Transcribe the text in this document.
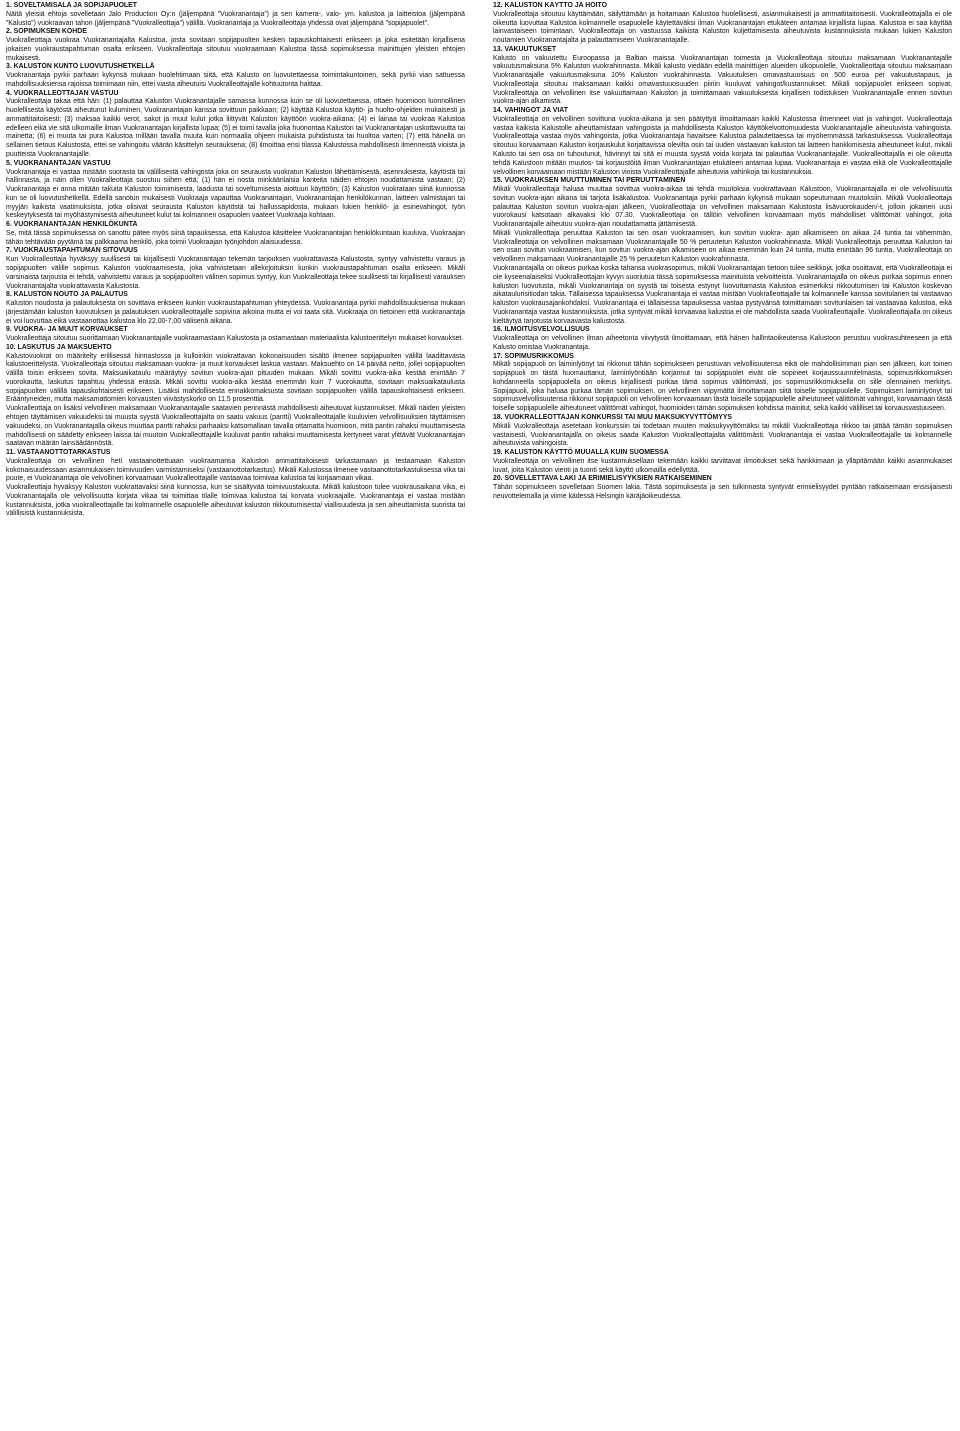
1. SOVELTAMISALA JA SOPIJAPUOLET

Näitä yleisiä ehtoja sovelletaan Jalo Production Oy:n (jäljempänä ”Vuokranantaja”) ja sen kamera-, valo- ym. kalustoa ja laitteistoa (jäljempänä ”Kalusto”) vuokraavan tahon (jäljempänä ”Vuokralleottaja”) välillä. Vuokranantaja ja Vuokralleottaja yhdessä ovat jäljempänä ”sopijapuolet”.

2. SOPIMUKSEN KOHDE

Vuokralleottaja vuokraa Vuokranantajalta Kalustoa, josta sovitaan sopijapuolten kesken tapauskohtaisesti erikseen ja joka esitetään kirjallisena jokaisen vuokraustapahtuman osalta erikseen. Vuokralleottaja sitoutuu vuokraamaan Kalustoa tässä sopimuksessa mainittujen yleisten ehtojen mukaisesti.

3. KALUSTON KUNTO LUOVUTUSHETKELLÄ

Vuokranantaja pyrkii parhaan kykynsä mukaan huolehtimaan siitä, että Kalusto on luovutettaessa toimintakuntoinen, sekä pyrkii vian sattuessa mahdollisuuksiensa rajoissa toimimaan niin, ettei viasta aiheutuisi Vuokralleottajalle kohtuutonta haittaa.

4. VUOKRALLEOTTAJAN VASTUU

Vuokralleottaja takaa että hän: (1) palauttaa Kaluston Vuokranantajalle samassa kunnossa kuin se oli luovutettaessa, ottaen huomioon luonnollinen huolellisesta käytöstä aiheutunut kuluminen, Vuokranantajan kanssa sovittuun paikkaan; (2) käyttää Kalustoa käyttö- ja huolto-ohjeiden mukaisesti ja ammattitaitoisesti; (3) maksaa kaikki verot, sakot ja muut kulut jotka liittyvät Kaluston käyttöön vuokra-aikana; (4) ei lainaa tai vuokraa Kalustoa edelleen eikä vie sitä ulkomaille ilman Vuokranantajan kirjallista lupaa; (5) ei toimi tavalla joka huonontaa Kaluston tai Vuokranantajan uskottavuutta tai mainetta; (6) ei muuta tai pura Kalustoa millään tavalla muuta kuin normaalia ohjeen mukaista puhdistusta tai huoltoa varten; (7) että hänellä on sellainen tietous Kalustosta, ettei se vahingoitu väärän käsittelyn seurauksena; (8) ilmoittaa ensi tilassa Kalustossa mahdollisesti ilmenneistä vioista ja puutteista Vuokranantajalle.

5. VUOKRANANTAJAN VASTUU

Vuokranantaja ei vastaa mistään suorasta tai välillisestä vahingosta joka on seurausta vuokratun Kaluston lähettämisestä, asennuksesta, käytöstä tai hallinnasta, ja näin ollen Vuokralleottaja suostuu siihen että; (1) hän ei nosta minkäänlaisia kanteita näiden ehtojen noudattamista vastaan; (2) Vuokranantaja ei anna mitään takuita Kaluston toimimisesta, laadusta tai soveltumisesta aiottuun käyttöön; (3) Kaluston vuokrataan siinä kunnossa kun se oli luovutushetkellä. Edellä sanotun mukaisesti Vuokraaja vapauttaa Vuokranantajan, Vuokranantajan henkilökunnan, laitteen valmistajan tai myyjän kaikista vaatimuksista, jotka olisivat seurausta Kaluston käytöstä tai hallussapidosta, mukaan lukien henkilö- ja esinevahingot, työn keskeytyksestä tai myöhästymisestä aiheutuneet kulut tai kolmannen osapuolen vaateet Vuokraaja kohtaan.

6. VUOKRANANTAJAN HENKILÖKUNTA

Se, mitä tässä sopimuksessa on sanottu pätee myös siinä tapauksessa, että Kalustoa käsittelee Vuokranantajan henkilökuntaan kuuluva, Vuokraajan tähän tehtävään pyytämä tai palkkaama henkilö, joka toimii Vuokraajan työnjohdon alaisuudessa.

7. VUOKRAUSTAPAHTUMAN SITOVUUS

Kun Vuokralleottaja hyväksyy suullisesti tai kirjallisesti Vuokranantajan tekemän tarjouksen vuokrattavasta Kalustosta, syntyy vahvistettu varaus ja sopijapuolten välille sopimus Kaluston vuokraamisesta, joka vahvistetaan allekirjoituksin kunkin vuokraustapahtuman osalta erikseen. Mikäli varsinaista tarjousta ei tehdä, vahvistettu varaus ja sopijapuolten välinen sopimus syntyy, kun Vuokralleottaja tekee suullisesti tai kirjallisesti varauksen Vuokranantajalta vuokrattavasta Kalustosta.

8. KALUSTON NOUTO JA PALAUTUS

Kaluston noudosta ja palautuksesta on sovittava erikseen kunkin vuokraustapahtuman yhteydessä. Vuokranantaja pyrkii mahdollisuuksiensa mukaan järjestämään kaluston luovutuksen ja palautuksen vuokralleottajalle sopivina aikoina mutta ei voi taata sitä. Vuokraaja on tietoinen että vuokranantaja ei voi luovuttaa eikä vastaanottaa kalustoa klo 22.00-7.00 välisenä aikana.

9. VUOKRA- JA MUUT KORVAUKSET

Vuokralleottaja sitoutuu suorittamaan Vuokranantajalle vuokraamastaan Kalustosta ja ostamastaan materiaalista kalustoerittelyn mukaiset korvaukset.

10. LASKUTUS JA MAKSUEHTO

Kalustovuokrat on määritelty erillisessä hinnastossa ja kulloinkin vuokrattavan kokonaisuuden sisältö ilmenee sopijapuolten välillä laadittavasta kalustoerittelystä. Vuokralleottaja sitoutuu maksamaan vuokra- ja muut korvaukset laskua vastaan. Maksuehto on 14 päivää netto, jollei sopijapuolten välillä toisin erikseen sovita. Maksuaikataulu määräytyy sovitun vuokra-ajan pituuden mukaan. Mikäli sovittu vuokra-aika kestää enintään 7 vuorokautta, laskutus tapahtuu yhdessä erässä. Mikäli sovittu vuokra-aika kestää enemmän kuin 7 vuorokautta, sovitaan maksuaikataulusta sopijapuolten välillä tapauskohtaisesti erikseen. Lisäksi mahdollisesta ennakkomaksusta sovitaan sopijapuolten välillä tapauskohtaisesti erikseen. Erääntyneiden, mutta maksamattomien korvausten viivästyskorko on 11,5 prosenttia.

Vuokralleottaja on lisäksi velvollinen maksamaan Vuokranantajalle saatavien perinnästä mahdollisesti aiheutuvat kustannukset. Mikäli näiden yleisten ehtojen täyttämisen vakuudeksi tai muusta syystä Vuokralleottajalta on saatu vakuus (pantti) Vuokralleottajalle kuuluvien velvollisuuksien täyttämisen vakuudeksi, on Vuokranantajalla oikeus muuttaa pantti rahaksi parhaaksi katsomallaan tavalla ottamatta huomioon, mitä pantin rahaksi muuttamisesta mahdollisesti on säädetty erikseen laissa tai muutoin Vuokralleottajalle kuuluvat pantin rahaksi muuttamisesta kertyneet varat ylittävät Vuokranantajan saatavan määrän lainsäädännöstä.

11. VASTAANOTTOTARKASTUS

Vuokralleottaja on velvollinen heti vastaanottettuaan vuokraamansa Kaluston ammattitaitoisesti tarkastamaan ja testaamaan Kaluston kokonaisuudessaan asianmukaisen toimivuuden varmistamiseksi (vastaanottotarkastus). Mikäli Kalustossa ilmenee vastaanottotarkastuksessa vika tai puute, ei Vuokranantaja ole velvollinen korvaamaan Vuokralleottajalle vastaavaa toimivaa kalustoa tai korjaamaan vikaa.

Vuokralleottaja hyväksyy Kaluston vuokrattavaksi siinä kunnossa, kun se sisältyvää toimivuustakuuta. Mikäli kalustoon tulee vuokrausaikana vika, ei Vuokranantajalla ole velvollisuutta korjata vikaa tai toimittaa tilalle toimivaa kalustoa tai korvata vuokraajalle. Vuokranantaja ei vastaa mistään kustannuksista, jotka vuokralleottajalle tai kolmannelle osapuolelle aiheutuvat kaluston rikkoutumisesta/ viallisuudesta ja sen aiheuttamista suorista tai välillisistä kustannuksista.

12. KALUSTON KÄYTTÖ JA HOITO

Vuokralleottaja sitoutuu käyttämään, säilyttämään ja hoitamaan Kalustoa huolellisesti, asianmukaisesti ja ammattitaitoisesti. Vuokralleottajalla ei ole oikeutta luovuttaa Kalustoa kolmannelle osapuolelle käytettäväksi ilman Vuokranantajan etukäteen antamaa kirjallista lupaa. Kalustoa ei saa käyttää lainvastaiseen toimintaan. Vuokralleottaja on vastuussa kaikista Kaluston kuljettamisesta aiheutuvista kustannuksista mukaan lukien Kaluston noutamien Vuokranantajalta ja palauttamiseen Vuokranantajalle.

13. VAKUUTUKSET

Kalusto on vakuutettu Euroopassa ja Baltian maissa Vuokranantajan toimesta ja Vuokralleottaja sitoutuu maksamaan Vuokranantajalle vakuutusmaksuna 5% Kaluston vuokrahinnasta. Mikäli kalusto viedään edellä mainittujen alueiden ulkopuolelle, Vuokralleottaja sitoutuu maksamaan Vuokranantajalle vakuutusmaksuna 10% Kaluston vuokrahinnasta. Vakuutuksen omavastuuosuus on 500 euroa per vakuutustapaus, ja Vuokralleottaja sitoutuu maksamaan kaikki omavastuuosuuden piiriin kuuluvat vahingot/kustannukset. Mikäli sopijapuolet erikseen sopivat, Vuokralleottaja on velvollinen itse vakuuttamaan Kaluston ja toimittamaan vakuutuksesta kirjallisen todistuksen Vuokranantajalle ennen sovitun vuokra-ajan alkamista.

14. VAHINGOT JA VIAT

Vuokralleottaja on velvollinen sovittuna vuokra-aikana ja sen päätyttyä ilmoittamaan kaikki Kalustossa ilmenneet viat ja vahingot. Vuokralleottaja vastaa kaikista Kalustolle aiheuttamistaan vahingoista ja mahdollisesta Kaluston käyttökelvottomuudesta Vuokranantajalle aiheutuvista vahingoista. Vuokralleottaja vastaa myös vahingoista, jotka Vuokranantaja havaitsee Kalustoa palautettaessa tai myöhemmässä tarkastuksessa. Vuokralleottaja sitoutuu korvaamaan Kaluston korjauskulut korjattavissa olevilta osin tai uuden vastaavan kaluston tai laitteen hankkimisesta aiheutuneet kulut, mikäli Kalusto tai sen osa on tuhoutunut, hävinnyt tai sitä ei muusta syystä voida korjata tai palauttaa Vuokranantajalle. Vuokralleottajalla ei ole oikeutta tehdä Kalustoon mitään muutos- tai korjaustöitä ilman Vuokranantajan etukäteen antamaa lupaa. Vuokranantaja ei vastaa eikä ole Vuokralleottajalle velvollinen korvaamaan mistään Kaluston vioista Vuokralleottajalle aiheutuvia vahinkoja tai kustannuksia.

15. VUOKRAUKSEN MUUTTUMINEN TAI PERUUTTAMINEN

Mikäli Vuokralleottaja haluaa muuttaa sovittua vuokra-aikaa tai tehdä muutoksia vuokrattavaan Kalustoon, Vuokranantajalla ei ole velvollisuutta sovitun vuokra-ajan aikana tai tarjota lisäkalustoa. Vuokranantaja pyrkii parhaan kykynsä mukaan sopeutumaan muutoksiin. Mikäli Vuokralleottaja palauttaa Kaluston sovitun vuokra-ajan jälkeen, Vuokralleottaja on velvollinen maksamaan Kalustosta lisävuorokauden/-t, jolloin jokainen uusi vuorokausi katsotaan alkavaksi klo 07.30. Vuokralleottaja on tällöin velvollinen korvaamaan myös mahdolliset välittömät vahingot, joita Vuokranantajalle aiheutuu vuokra-ajan noudattamatta jättämisestä.

Mikäli Vuokralleottaja peruuttaa Kaluston tai sen osan vuokraamisen, kun sovitun vuokra- ajan alkamiseen on aikaa 24 tuntia tai vähemmän, Vuokralleottaja on velvollinen maksamaan Vuokranantajalle 50 % peruutetun Kaluston vuokrahinnasta. Mikäli Vuokralleottaja peruuttaa Kaluston tai sen osan sovitun vuokraamisen, kun sovitun vuokra-ajan alkamiseen on aikaa enemmän kuin 24 tuntia, mutta enintään 96 tuntia, Vuokralleottaja on velvollinen maksamaan Vuokranantajalle 25 % peruutetun Kaluston vuokrahinnasta.

Vuokranantajalla on oikeus purkaa koska tahansa vuokrasopimus, mikäli Vuokranantajan tietoon tulee seikkoja, jotka osoittavat, että Vuokralleottaja ei ole kyseenalaiseksi Vuokralleottajan kyvyn suoriutua tässä sopimuksessa mainituista velvoitteista. Vuokranantajalla on oikeus purkaa sopimus ennen kaluston luovutusta, mikäli Vuokranantaja on syystä tai toisesta estynyt luovuttamasta Kalustoa esimerkiksi rikkoutumisen tai Kaluston koskevan aikataulurisitiodan takia. Tällaisessa tapauksessa Vuokranantaja ei vastaa mistään Vuokralleottajalle tai kolmannelle kanssa sovitulanen tai vastaavan kaluston vuokrausajankohdaksi. Vuokranantaja ei tällaisessa tapauksessa vastaa pystyvänsä toimittamaan sovitunlaisen tai vastaavaa kalustoa, eikä Vuokranantaja vastaa kustannuksista, jotka syntyvät mikäli korvaavaa kalustoa ei ole mahdollista saada Vuokralleottajalle. Vuokralleottajalla on oikeus kieltäytyä tarjotusta korvaavasta kalustosta.

16. ILMOITUSVELVOLLISUUS

Vuokralleottaja on velvollinen ilman aiheetonta viivytystä ilmoittamaan, että hänen hallintaoikeutensa Kalustoon perustuu vuokrasuhteeseen ja että Kalusto omistaa Vuokranantaja.

17. SOPIMUSRIKKOMUS

Mikäli sopijapuoli on laiminlyönyt tai rikkonut tähän sopimukseen perustuvan velvollisuutensa eikä ole mahdollisimman pian sen jälkeen, kun toinen sopijapuoli on tästä huomauttanut, laiminlyöntiään korjannut tai sopijapuolet eivät ole sopineet korjaussuunnitelmasta, sopimusrikkomuksen kohdanneella sopijapuolella on oikeus kirjallisesti purkaa tämä sopimus välittömästi, jos sopimusrikkomuksella on sille olennainen merkitys. Sopijapuoli, joka haluaa purkaa tämän sopimuksen, on velvollinen viipymättä ilmoittamaan siitä toiselle sopijapuolelle. Sopimuksen laiminlyönyt tai sopimusvelvollisuutensa rikkonut sopijapuoli on velvollinen korvaamaan tästä toiselle sopijapuolelle aiheutuneet välittömät vahingot, korvaamaan tästä toiselle sopijapuolelle aiheutuneet välittömät vahingot, huomioiden tämän sopimuksen kohdissa mainitut, sekä kaikki välilliset tai korvausvastuuseen.

18. VUOKRALLEOTTAJAN KONKURSSI TAI MUU MAKSUKYVYTTÖMYYS

Mikäli Vuokralleottaja asetetaan konkurssiin tai todetaan muuten maksukyvyttömäksi tai mikäli Vuokralleottaja rikkoo tai jättää tämän sopimuksen vastaisesti, Vuokranantajalla on oikeus saada Kaluston Vuokralleottajalta välittömästi. Vuokranantaja ei vastaa Vuokralleottajalle tai kolmannelle aiheutuvista vahingoista.

19. KALUSTON KÄYTTÖ MUUALLA KUIN SUOMESSA

Vuokralleottaja on velvollinen itse kustannuksellaan tekemään kaikki tarvittavat ilmoitukset sekä hankkimaan ja ylläpitämään kaikki asianmukaiset luvat, joita Kaluston vienti ja tuonti sekä käyttö ulkomailla edellyttää.

20. SOVELLETTAVA LAKI JA ERIMIELISYYKSIEN RATKAISEMINEN

Tähän sopimukseen sovelletaan Suomen lakia. Tästä sopimuksesta ja sen tulkinnasta syntyvät erimielisyydet pyritään ratkaisemaan ensisijaisesti neuvottelemalla ja viime kädessä Helsingin käräjäoikeudessa.
